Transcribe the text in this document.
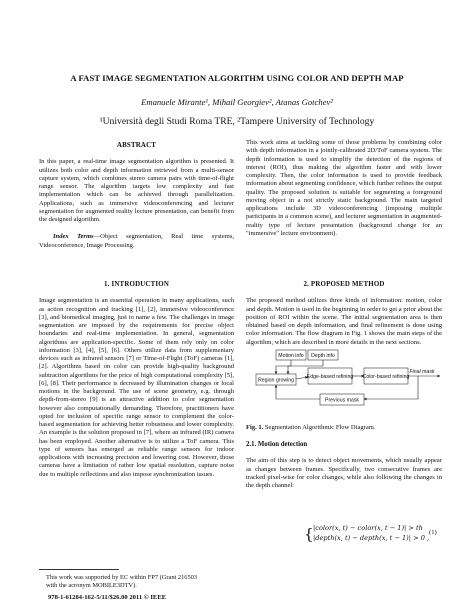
A FAST IMAGE SEGMENTATION ALGORITHM USING COLOR AND DEPTH MAP
Emanuele Mirante¹, Mihail Georgiev², Atanas Gotchev²
¹Università degli Studi Roma TRE, ²Tampere University of Technology

ABSTRACT

In this paper, a real-time image segmentation algorithm is presented. It utilizes both color and depth information retrieved from a multi-sensor capture system, which combines stereo camera pairs with time-of-flight range sensor. The algorithm targets low complexity and fast implementation which can be achieved through parallelization. Applications, such as immersive videoconferencing and lecturer segmentation for augmented reality lecture presentation, can benefit from the designed algorithm.

Index Terms—Object segmentation, Real time systems, Videoconference, Image Processing.

1. INTRODUCTION

Image segmentation is an essential operation in many applications, such as action recognition and tracking [1], [2], immersive videoconference [3], and biomedical imaging, just to name a few. The challenges in image segmentation are imposed by the requirements for precise object boundaries and real-time implementation. In general, segmentation algorithms are application-specific. Some of them rely only on color information [3], [4], [5], [6]. Others utilize data from supplementary devices such as infrared sensors [7] or Time-of-Flight (ToF) cameras [1], [2]. Algorithms based on color can provide high-quality background subtraction algorithms for the price of high computational complexity [5], [6], [8]. Their performance is decreased by illumination changes or local motions in the background. The use of scene geometry, e.g. through depth-from-stereo [9] is an attractive addition to color segmentation however also computationally demanding. Therefore, practitioners have opted for inclusion of specific range sensor to complement the color-based segmentation for achieving better robustness and lower complexity. An example is the solution proposed in [7], where an infrared (IR) camera has been employed. Another alternative is to utilize a ToF camera. This type of sensors has emerged as reliable range sensors for indoor applications with increasing precision and lowering cost. However, those cameras have a limitation of rather low spatial resolution, capture noise due to multiple reflections and also impose synchronization issues.

This work aims at tackling some of those problems by combining color with depth information in a jointly-calibrated 2D/ToF camera system. The depth information is used to simplify the detection of the regions of interest (ROI), thus making the algorithm faster and with lower complexity. Then, the color information is used to provide feedback information about segmenting confidence, which further refines the output quality. The proposed solution is suitable for segmenting a foreground moving object in a not strictly static background. The main targeted applications include 3D videoconferencing (imposing multiple participants in a common scene), and lecturer segmentation in augmented-reality type of lecture presentation (background change for an "immersive" lecture environment).

2. PROPOSED METHOD

The proposed method utilizes three kinds of information: motion, color and depth. Motion is used in the beginning in order to get a prior about the position of ROI within the scene. The initial segmentation area is then obtained based on depth information, and final refinement is done using color information. The flow diagram in Fig. 1 shows the main steps of the algorithm, which are described in more details in the next sections.

Motion info Depth info
Region growing
Edge-based refining Color-based refining
Previous mask
Final mask

Fig. 1. Segmentation Algorithmic Flow Diagram.

2.1. Motion detection

The aim of this step is to detect object movements, which usually appear as changes between frames. Specifically, two consecutive frames are tracked pixel-wise for color changes, while also following the changes in the depth channel:

{ |color(x, t) − color(x, t − 1)| > th
|depth(x, t) − depth(x, t − 1)| > 0 ,
(1)
This work was supported by EC within FP7 (Grant 216503
with the acronym MOBILE3DTV).
978-1-61284-162-5/11/$26.00 2011 © IEEE
